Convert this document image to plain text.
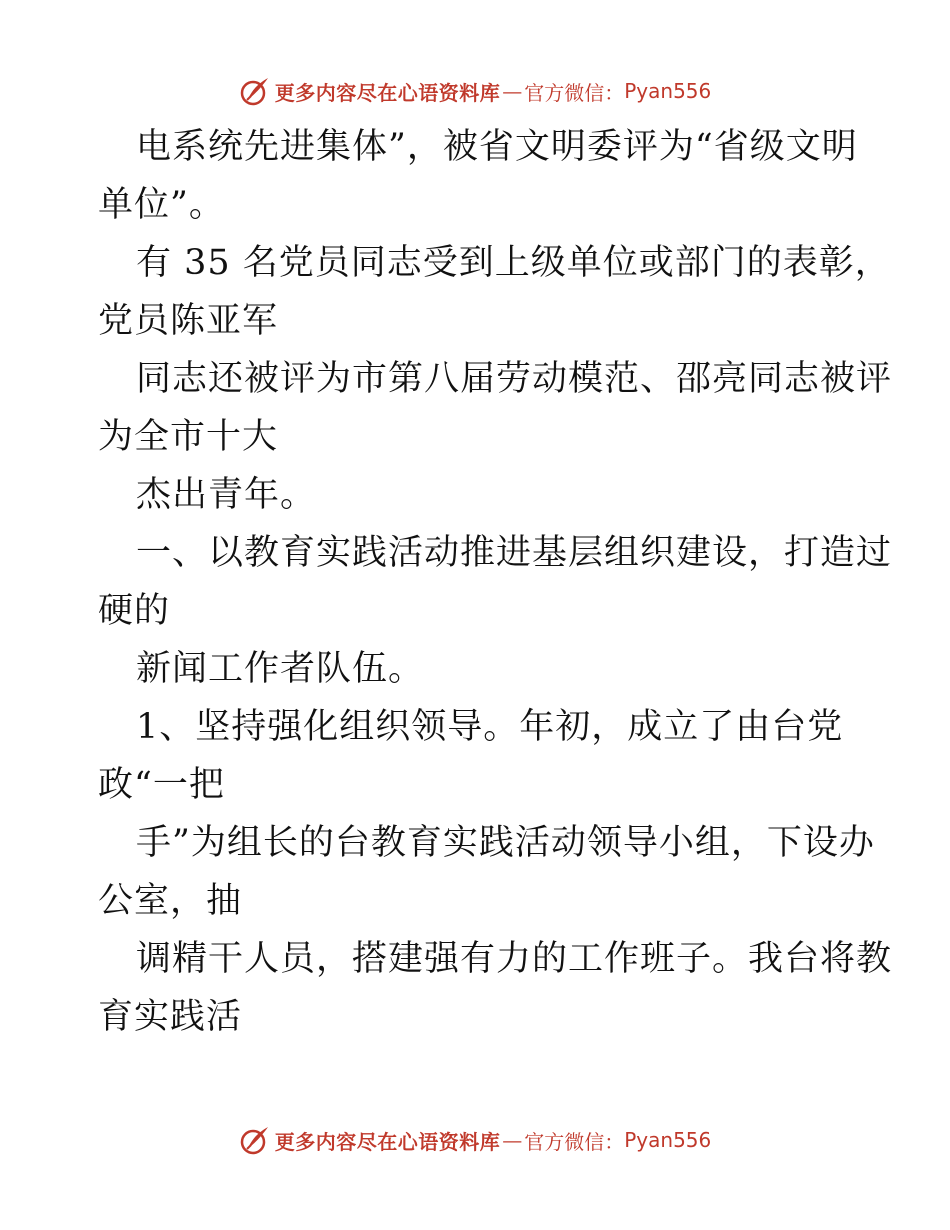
更多内容尽在心语资料库 — 官方微信： Pyan556
电系统先进集体”，被省文明委评为“省级文明
单位”。
有 35 名党员同志受到上级单位或部门的表彰，
党员陈亚军
同志还被评为市第八届劳动模范、邵亮同志被评
为全市十大
杰出青年。
一、以教育实践活动推进基层组织建设，打造过
硬的
新闻工作者队伍。
1、坚持强化组织领导。年初，成立了由台党
政“一把
手”为组长的台教育实践活动领导小组，下设办
公室，抽
调精干人员，搭建强有力的工作班子。我台将教
育实践活
更多内容尽在心语资料库 — 官方微信： Pyan556
